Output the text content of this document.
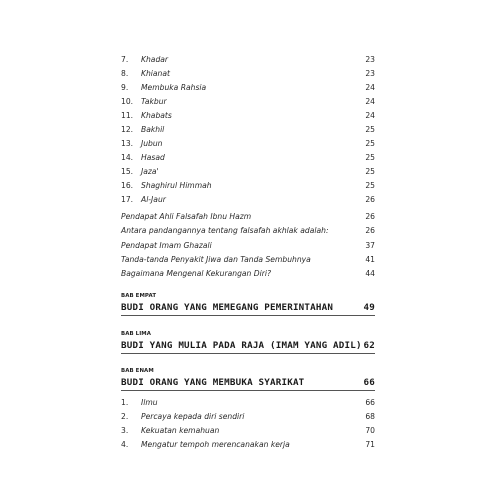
7. Khadar	23
8. Khianat	23
9. Membuka Rahsia	24
10. Takbur	24
11. Khabats	24
12. Bakhil	25
13. Jubun	25
14. Hasad	25
15. Jaza'	25
16. Shaghirul Himmah	25
17. Al-Jaur	26
Pendapat Ahli Falsafah Ibnu Hazm	26
Antara pandangannya tentang falsafah akhlak adalah:	26
Pendapat Imam Ghazali	37
Tanda-tanda Penyakit Jiwa dan Tanda Sembuhnya	41
Bagaimana Mengenal Kekurangan Diri?	44
BAB EMPAT
BUDI ORANG YANG MEMEGANG PEMERINTAHAN	49
BAB LIMA
BUDI YANG MULIA PADA RAJA (IMAM YANG ADIL) 62
BAB ENAM
BUDI ORANG YANG MEMBUKA SYARIKAT	66
1. Ilmu	66
2. Percaya kepada diri sendiri	68
3. Kekuatan kemahuan	70
4. Mengatur tempoh merencanakan kerja	71
